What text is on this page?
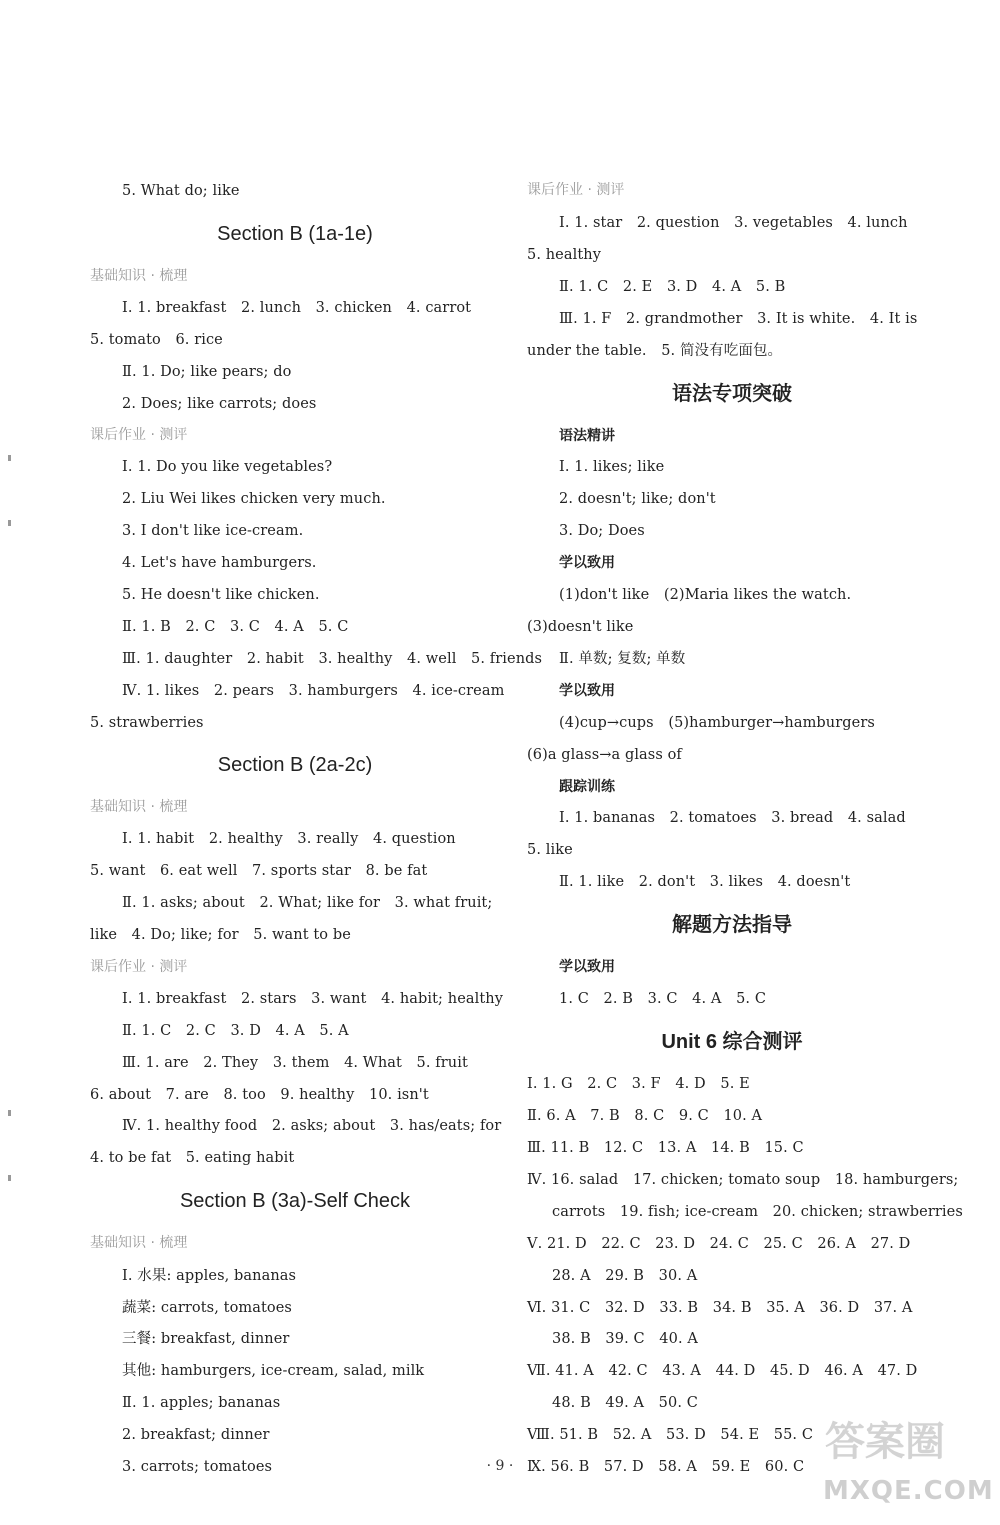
5. What do; like
Section B (1a-1e)
基础知识 · 梳理
Ⅰ. 1. breakfast　2. lunch　3. chicken　4. carrot
5. tomato　6. rice
Ⅱ. 1. Do; like pears; do
2. Does; like carrots; does
课后作业 · 测评
Ⅰ. 1. Do you like vegetables?
2. Liu Wei likes chicken very much.
3. I don't like ice-cream.
4. Let's have hamburgers.
5. He doesn't like chicken.
Ⅱ. 1. B　2. C　3. C　4. A　5. C
Ⅲ. 1. daughter　2. habit　3. healthy　4. well　5. friends
Ⅳ. 1. likes　2. pears　3. hamburgers　4. ice-cream
5. strawberries
Section B (2a-2c)
基础知识 · 梳理
Ⅰ. 1. habit　2. healthy　3. really　4. question
5. want　6. eat well　7. sports star　8. be fat
Ⅱ. 1. asks; about　2. What; like for　3. what fruit;
like　4. Do; like; for　5. want to be
课后作业 · 测评
Ⅰ. 1. breakfast　2. stars　3. want　4. habit; healthy
Ⅱ. 1. C　2. C　3. D　4. A　5. A
Ⅲ. 1. are　2. They　3. them　4. What　5. fruit
6. about　7. are　8. too　9. healthy　10. isn't
Ⅳ. 1. healthy food　2. asks; about　3. has/eats; for
4. to be fat　5. eating habit
Section B (3a)-Self Check
基础知识 · 梳理
Ⅰ. 水果: apples, bananas
蔬菜: carrots, tomatoes
三餐: breakfast, dinner
其他: hamburgers, ice-cream, salad, milk
Ⅱ. 1. apples; bananas
2. breakfast; dinner
3. carrots; tomatoes
课后作业 · 测评
Ⅰ. 1. star　2. question　3. vegetables　4. lunch
5. healthy
Ⅱ. 1. C　2. E　3. D　4. A　5. B
Ⅲ. 1. F　2. grandmother　3. It is white.　4. It is
under the table.　5. 简没有吃面包。
语法专项突破
语法精讲
Ⅰ. 1. likes; like
2. doesn't; like; don't
3. Do; Does
学以致用
(1)don't like　(2)Maria likes the watch.
(3)doesn't like
Ⅱ. 单数; 复数; 单数
学以致用
(4)cup→cups　(5)hamburger→hamburgers
(6)a glass→a glass of
跟踪训练
Ⅰ. 1. bananas　2. tomatoes　3. bread　4. salad
5. like
Ⅱ. 1. like　2. don't　3. likes　4. doesn't
解题方法指导
学以致用
1. C　2. B　3. C　4. A　5. C
Unit 6 综合测评
Ⅰ. 1. G　2. C　3. F　4. D　5. E
Ⅱ. 6. A　7. B　8. C　9. C　10. A
Ⅲ. 11. B　12. C　13. A　14. B　15. C
Ⅳ. 16. salad　17. chicken; tomato soup　18. hamburgers;
carrots　19. fish; ice-cream　20. chicken; strawberries
Ⅴ. 21. D　22. C　23. D　24. C　25. C　26. A　27. D
28. A　29. B　30. A
Ⅵ. 31. C　32. D　33. B　34. B　35. A　36. D　37. A
38. B　39. C　40. A
Ⅶ. 41. A　42. C　43. A　44. D　45. D　46. A　47. D
48. B　49. A　50. C
Ⅷ. 51. B　52. A　53. D　54. E　55. C
Ⅸ. 56. B　57. D　58. A　59. E　60. C
· 9 ·
答案圈
MXQE.COM
